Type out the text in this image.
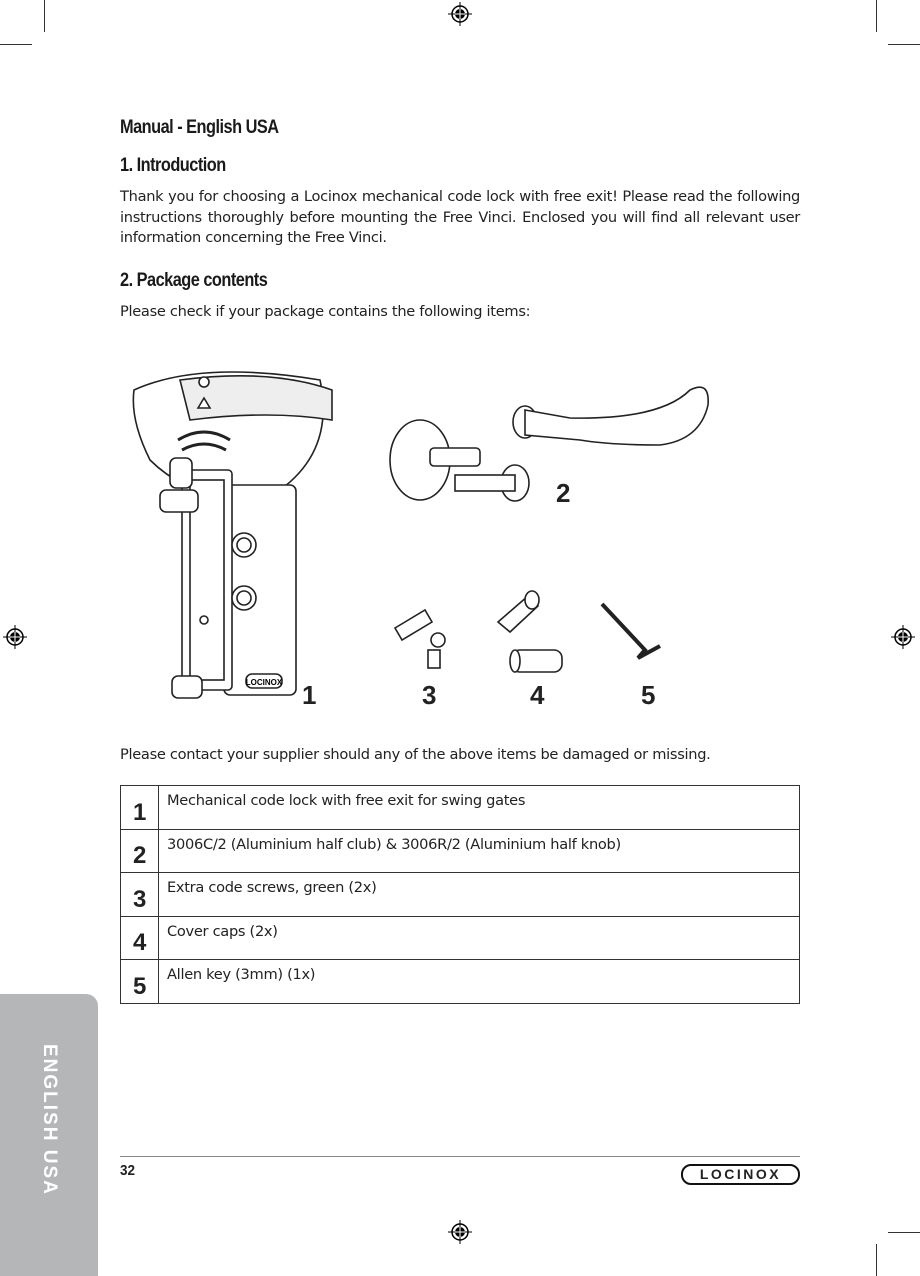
ENGLISH USA
Manual - English USA
1. Introduction
Thank you for choosing a Locinox mechanical code lock with free exit! Please read the following instructions thoroughly before mounting the Free Vinci. Enclosed you will find all relevant user information concerning the Free Vinci.
2. Package contents
Please check if your package contains the following items:
LOCINOX 1
2
3	4	5
Please contact your supplier should any of the above items be damaged or missing.
1	Mechanical code lock with free exit for swing gates
2	3006C/2 (Aluminium half club) & 3006R/2 (Aluminium half knob)
3	Extra code screws, green (2x)
4	Cover caps (2x)
5	Allen key (3mm) (1x)
32	LOCINOX
